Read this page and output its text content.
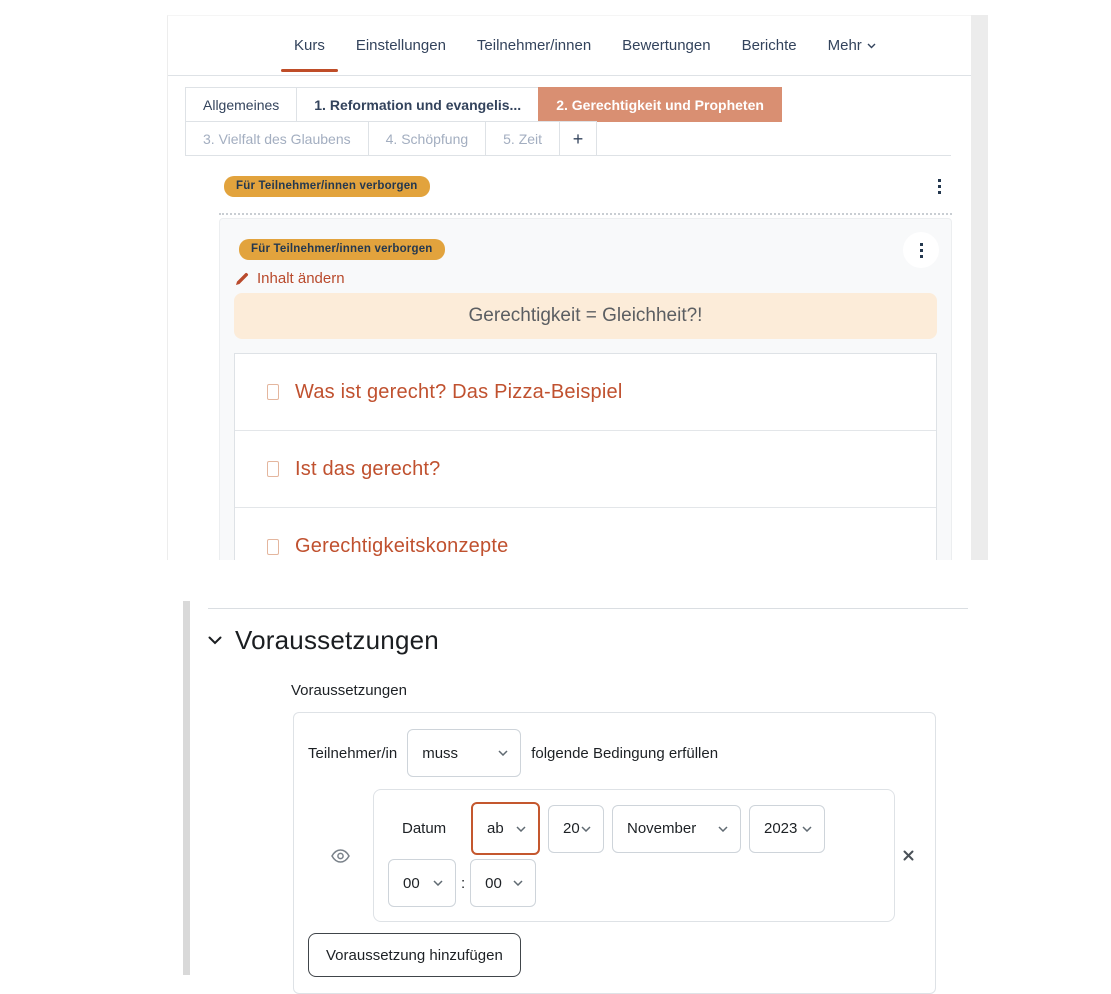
Kurs Einstellungen Teilnehmer/innen Bewertungen Berichte Mehr
Allgemeines	1. Reformation und evangelis...	2. Gerechtigkeit und Propheten
3. Vielfalt des Glaubens	4. Schöpfung	5. Zeit	+
Für Teilnehmer/innen verborgen
Für Teilnehmer/innen verborgen
Inhalt ändern
Gerechtigkeit = Gleichheit?!
Was ist gerecht? Das Pizza-Beispiel
Ist das gerecht?
Gerechtigkeitskonzepte
Voraussetzungen
Voraussetzungen
Teilnehmer/in muss	folgende Bedingung erfüllen
Datum	ab	20	November	2023
00	: 00
Voraussetzung hinzufügen
